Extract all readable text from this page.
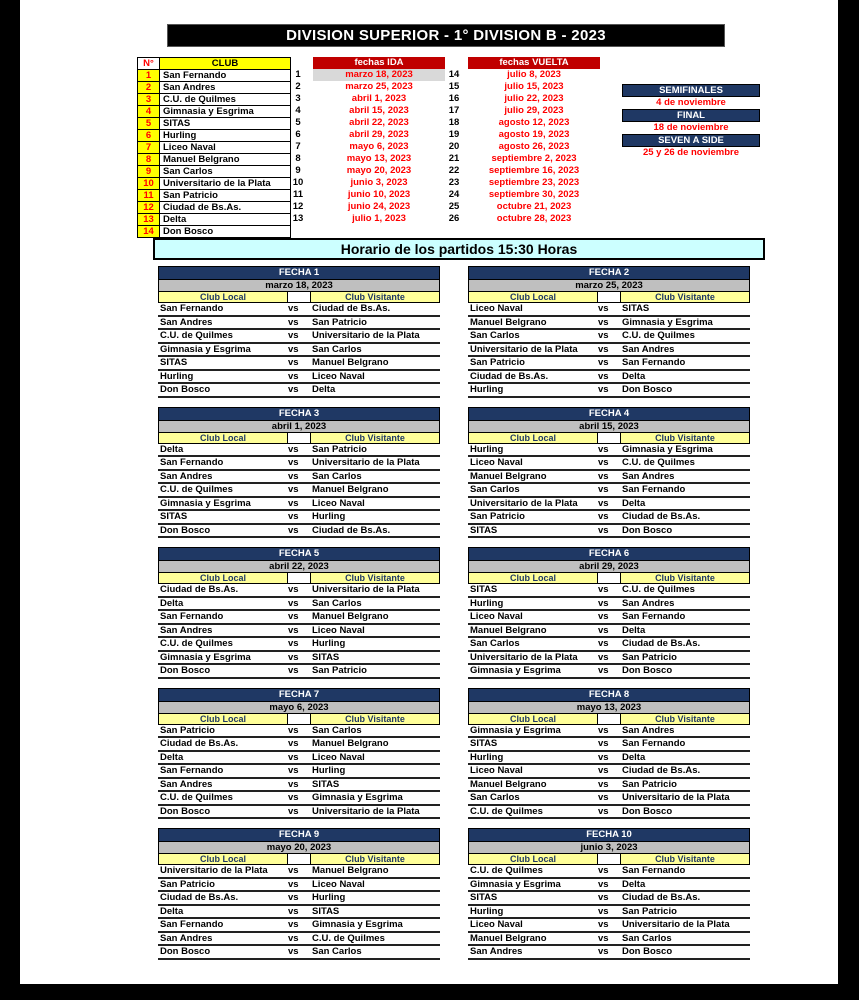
DIVISION SUPERIOR - 1° DIVISION B - 2023
N°	CLUB
1	San Fernando
2	San Andres
3	C.U. de Quilmes
4	Gimnasia y Esgrima
5	SITAS
6	Hurling
7	Liceo Naval
8	Manuel Belgrano
9	San Carlos
10 Universitario de la Plata
11 San Patricio
12 Ciudad de Bs.As.
13 Delta
14 Don Bosco
fechas IDA
1	marzo 18, 2023
2	marzo 25, 2023
3	abril 1, 2023
4	abril 15, 2023
5	abril 22, 2023
6	abril 29, 2023
7	mayo 6, 2023
8	mayo 13, 2023
9	mayo 20, 2023
10	junio 3, 2023
11	junio 10, 2023
12	junio 24, 2023
13	julio 1, 2023
fechas VUELTA
14	julio 8, 2023
15	julio 15, 2023
16	julio 22, 2023
17	julio 29, 2023
18	agosto 12, 2023
19	agosto 19, 2023
20	agosto 26, 2023
21	septiembre 2, 2023
22	septiembre 16, 2023
23	septiembre 23, 2023
24	septiembre 30, 2023
25	octubre 21, 2023
26	octubre 28, 2023
SEMIFINALES
4 de noviembre
FINAL
18 de noviembre
SEVEN A SIDE
25 y 26 de noviembre
Horario de los partidos 15:30 Horas
FECHA 1
marzo 18, 2023
Club Local	Club Visitante
San Fernando	vs	Ciudad de Bs.As.
San Andres	vs	San Patricio
C.U. de Quilmes	vs	Universitario de la Plata
Gimnasia y Esgrima	vs	San Carlos
SITAS	vs	Manuel Belgrano
Hurling	vs	Liceo Naval
Don Bosco	vs	Delta
FECHA 2
marzo 25, 2023
Club Local	Club Visitante
Liceo Naval	vs	SITAS
Manuel Belgrano	vs	Gimnasia y Esgrima
San Carlos	vs	C.U. de Quilmes
Universitario de la Plata	vs	San Andres
San Patricio	vs	San Fernando
Ciudad de Bs.As.	vs	Delta
Hurling	vs	Don Bosco
FECHA 3
abril 1, 2023
Club Local	Club Visitante
Delta	vs	San Patricio
San Fernando	vs	Universitario de la Plata
San Andres	vs	San Carlos
C.U. de Quilmes	vs	Manuel Belgrano
Gimnasia y Esgrima	vs	Liceo Naval
SITAS	vs	Hurling
Don Bosco	vs	Ciudad de Bs.As.
FECHA 4
abril 15, 2023
Club Local	Club Visitante
Hurling	vs	Gimnasia y Esgrima
Liceo Naval	vs	C.U. de Quilmes
Manuel Belgrano	vs	San Andres
San Carlos	vs	San Fernando
Universitario de la Plata	vs	Delta
San Patricio	vs	Ciudad de Bs.As.
SITAS	vs	Don Bosco
FECHA 5
abril 22, 2023
Club Local	Club Visitante
Ciudad de Bs.As.	vs	Universitario de la Plata
Delta	vs	San Carlos
San Fernando	vs	Manuel Belgrano
San Andres	vs	Liceo Naval
C.U. de Quilmes	vs	Hurling
Gimnasia y Esgrima	vs	SITAS
Don Bosco	vs	San Patricio
FECHA 6
abril 29, 2023
Club Local	Club Visitante
SITAS	vs	C.U. de Quilmes
Hurling	vs	San Andres
Liceo Naval	vs	San Fernando
Manuel Belgrano	vs	Delta
San Carlos	vs	Ciudad de Bs.As.
Universitario de la Plata	vs	San Patricio
Gimnasia y Esgrima	vs	Don Bosco
FECHA 7
mayo 6, 2023
Club Local	Club Visitante
San Patricio	vs	San Carlos
Ciudad de Bs.As.	vs	Manuel Belgrano
Delta	vs	Liceo Naval
San Fernando	vs	Hurling
San Andres	vs	SITAS
C.U. de Quilmes	vs	Gimnasia y Esgrima
Don Bosco	vs	Universitario de la Plata
FECHA 8
mayo 13, 2023
Club Local	Club Visitante
Gimnasia y Esgrima	vs	San Andres
SITAS	vs	San Fernando
Hurling	vs	Delta
Liceo Naval	vs	Ciudad de Bs.As.
Manuel Belgrano	vs	San Patricio
San Carlos	vs	Universitario de la Plata
C.U. de Quilmes	vs	Don Bosco
FECHA 9
mayo 20, 2023
Club Local	Club Visitante
Universitario de la Plata	vs	Manuel Belgrano
San Patricio	vs	Liceo Naval
Ciudad de Bs.As.	vs	Hurling
Delta	vs	SITAS
San Fernando	vs	Gimnasia y Esgrima
San Andres	vs	C.U. de Quilmes
Don Bosco	vs	San Carlos
FECHA 10
junio 3, 2023
Club Local	Club Visitante
C.U. de Quilmes	vs	San Fernando
Gimnasia y Esgrima	vs	Delta
SITAS	vs	Ciudad de Bs.As.
Hurling	vs	San Patricio
Liceo Naval	vs	Universitario de la Plata
Manuel Belgrano	vs	San Carlos
San Andres	vs	Don Bosco
